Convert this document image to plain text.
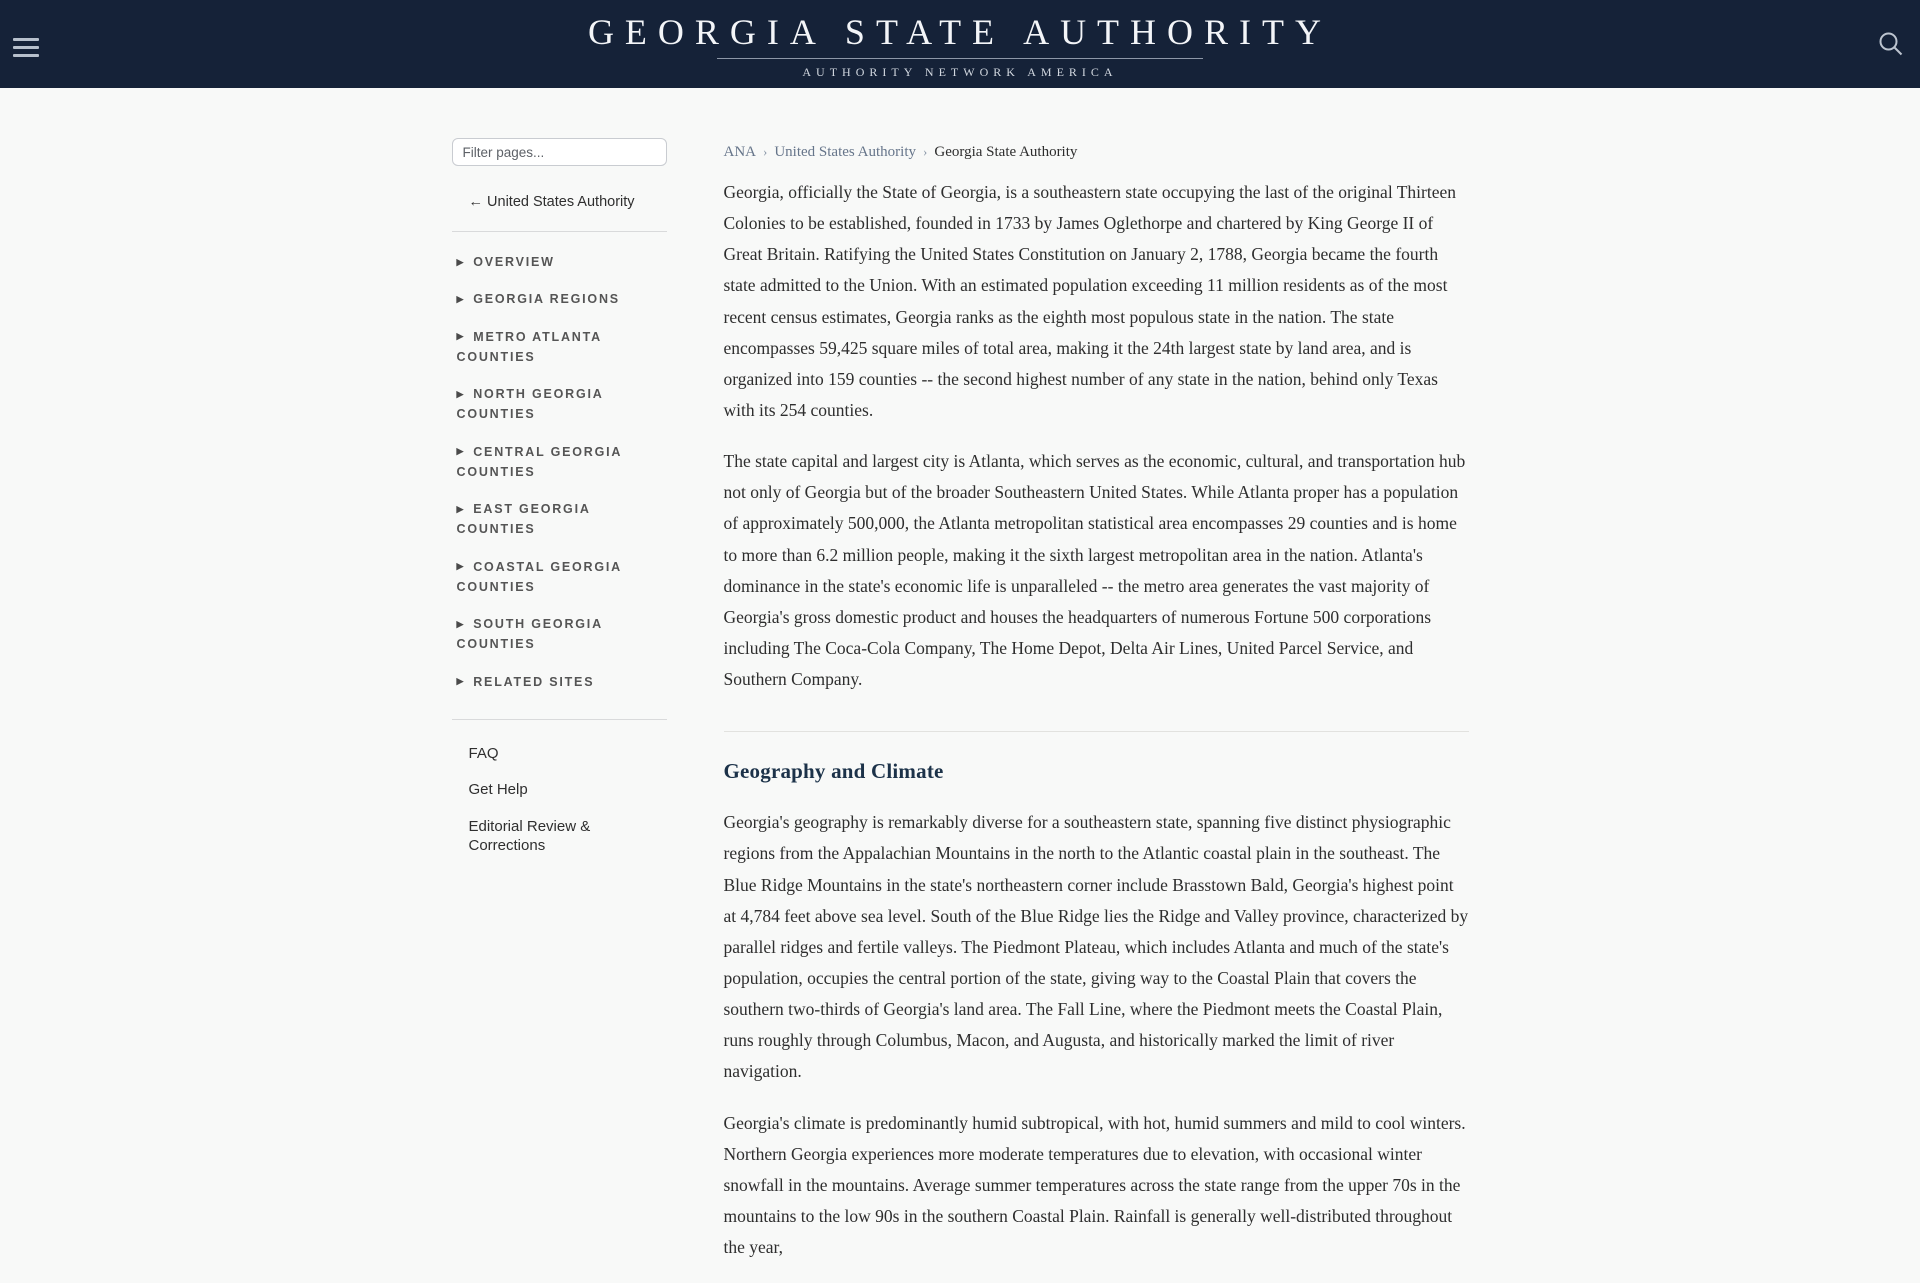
GEORGIA STATE AUTHORITY
AUTHORITY NETWORK AMERICA
Filter pages...
← United States Authority
▶ OVERVIEW
▶ GEORGIA REGIONS
▶ METRO ATLANTA COUNTIES
▶ NORTH GEORGIA COUNTIES
▶ CENTRAL GEORGIA COUNTIES
▶ EAST GEORGIA COUNTIES
▶ COASTAL GEORGIA COUNTIES
▶ SOUTH GEORGIA COUNTIES
▶ RELATED SITES
FAQ
Get Help
Editorial Review & Corrections
ANA › United States Authority › Georgia State Authority

Georgia, officially the State of Georgia, is a southeastern state occupying the last of the original Thirteen Colonies to be established, founded in 1733 by James Oglethorpe and chartered by King George II of Great Britain. Ratifying the United States Constitution on January 2, 1788, Georgia became the fourth state admitted to the Union. With an estimated population exceeding 11 million residents as of the most recent census estimates, Georgia ranks as the eighth most populous state in the nation. The state encompasses 59,425 square miles of total area, making it the 24th largest state by land area, and is organized into 159 counties -- the second highest number of any state in the nation, behind only Texas with its 254 counties.

The state capital and largest city is Atlanta, which serves as the economic, cultural, and transportation hub not only of Georgia but of the broader Southeastern United States. While Atlanta proper has a population of approximately 500,000, the Atlanta metropolitan statistical area encompasses 29 counties and is home to more than 6.2 million people, making it the sixth largest metropolitan area in the nation. Atlanta's dominance in the state's economic life is unparalleled -- the metro area generates the vast majority of Georgia's gross domestic product and houses the headquarters of numerous Fortune 500 corporations including The Coca-Cola Company, The Home Depot, Delta Air Lines, United Parcel Service, and Southern Company.

Geography and Climate

Georgia's geography is remarkably diverse for a southeastern state, spanning five distinct physiographic regions from the Appalachian Mountains in the north to the Atlantic coastal plain in the southeast. The Blue Ridge Mountains in the state's northeastern corner include Brasstown Bald, Georgia's highest point at 4,784 feet above sea level. South of the Blue Ridge lies the Ridge and Valley province, characterized by parallel ridges and fertile valleys. The Piedmont Plateau, which includes Atlanta and much of the state's population, occupies the central portion of the state, giving way to the Coastal Plain that covers the southern two-thirds of Georgia's land area. The Fall Line, where the Piedmont meets the Coastal Plain, runs roughly through Columbus, Macon, and Augusta, and historically marked the limit of river navigation.

Georgia's climate is predominantly humid subtropical, with hot, humid summers and mild to cool winters. Northern Georgia experiences more moderate temperatures due to elevation, with occasional winter snowfall in the mountains. Average summer temperatures across the state range from the upper 70s in the mountains to the low 90s in the southern Coastal Plain. Rainfall is generally well-distributed throughout the year,
